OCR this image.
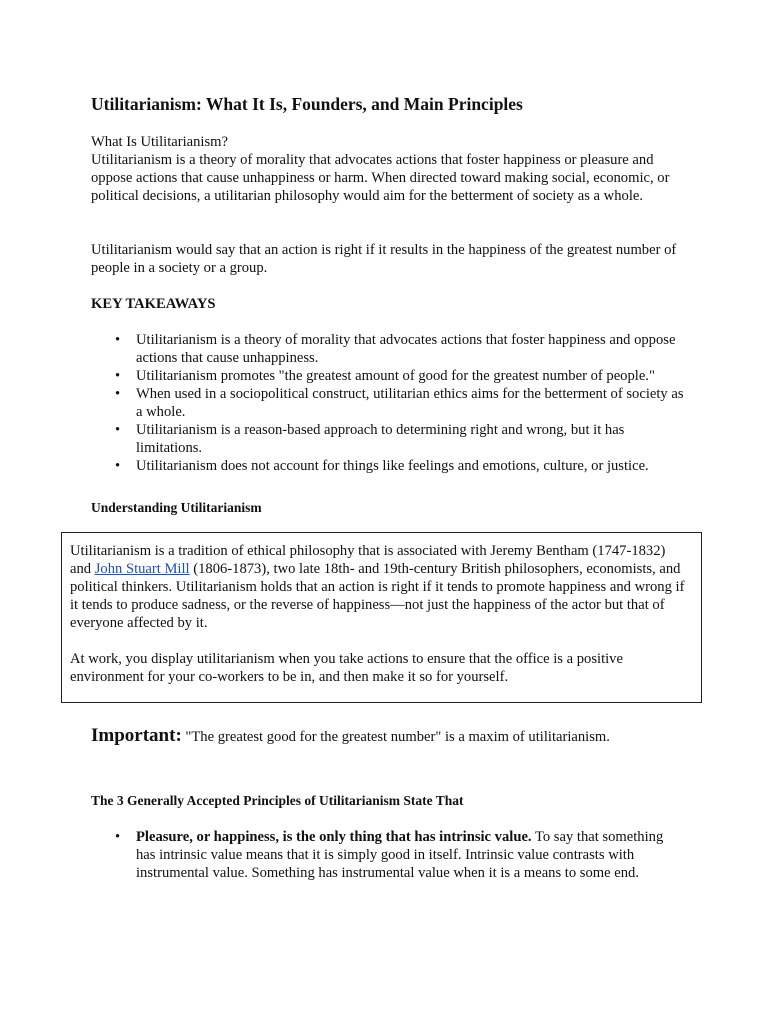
Utilitarianism: What It Is, Founders, and Main Principles

What Is Utilitarianism?

Utilitarianism is a theory of morality that advocates actions that foster happiness or pleasure and oppose actions that cause unhappiness or harm. When directed toward making social, economic, or political decisions, a utilitarian philosophy would aim for the betterment of society as a whole.

Utilitarianism would say that an action is right if it results in the happiness of the greatest number of people in a society or a group.

KEY TAKEAWAYS

• Utilitarianism is a theory of morality that advocates actions that foster happiness and oppose actions that cause unhappiness.
• Utilitarianism promotes "the greatest amount of good for the greatest number of people."
• When used in a sociopolitical construct, utilitarian ethics aims for the betterment of society as a whole.
• Utilitarianism is a reason-based approach to determining right and wrong, but it has limitations.
• Utilitarianism does not account for things like feelings and emotions, culture, or justice.

Understanding Utilitarianism

Utilitarianism is a tradition of ethical philosophy that is associated with Jeremy Bentham (1747-1832) and John Stuart Mill (1806-1873), two late 18th- and 19th-century British philosophers, economists, and political thinkers. Utilitarianism holds that an action is right if it tends to promote happiness and wrong if it tends to produce sadness, or the reverse of happiness—not just the happiness of the actor but that of everyone affected by it.

At work, you display utilitarianism when you take actions to ensure that the office is a positive environment for your co-workers to be in, and then make it so for yourself.

Important: "The greatest good for the greatest number" is a maxim of utilitarianism.

The 3 Generally Accepted Principles of Utilitarianism State That

• Pleasure, or happiness, is the only thing that has intrinsic value. To say that something has intrinsic value means that it is simply good in itself. Intrinsic value contrasts with instrumental value. Something has instrumental value when it is a means to some end.
